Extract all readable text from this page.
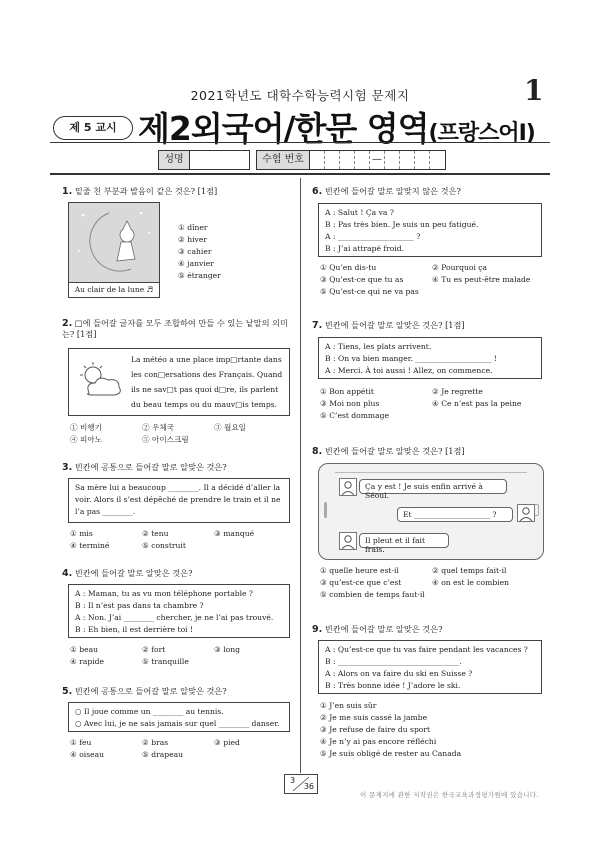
2021학년도 대학수학능력시험 문제지	1
제 5 교시 제2외국어/한문 영역(프랑스어Ⅰ)
성명	수험 번호	—
1. 밑줄 친 부분과 발음이 같은 것은? [1점]
Au clair de la lune ♬
① dîner
② hiver
③ cahier
④ janvier
⑤ étranger
2. □에 들어갈 글자를 모두 조합하여 만들 수 있는 낱말의 의미는? [1점]
La météo a une place imp□rtante dans
les con□ersations des Français. Quand
ils ne sav□t pas quoi d□re, ils parlent
du beau temps ou du mauv□is temps.
① 비행기	② 우체국	③ 월요일
④ 피아노	⑤ 아이스크림
3. 빈칸에 공통으로 들어갈 말로 알맞은 것은?
Sa mère lui a beaucoup ________. Il a décidé d’aller la
voir. Alors il s’est dépêché de prendre le train et il ne
l’a pas ________.
① mis	② tenu	③ manqué
④ terminé	⑤ construit
4. 빈칸에 들어갈 말로 알맞은 것은?
A : Maman, tu as vu mon téléphone portable ?
B : Il n’est pas dans ta chambre ?
A : Non. J’ai ________ chercher, je ne l’ai pas trouvé.
B : Eh bien, il est derrière toi !
① beau	② fort	③ long
④ rapide	⑤ tranquille
5. 빈칸에 공통으로 들어갈 말로 알맞은 것은?
○ Il joue comme un ________ au tennis.
○ Avec lui, je ne sais jamais sur quel ________ danser.
① feu	② bras	③ pied
④ oiseau	⑤ drapeau
6. 빈칸에 들어갈 말로 알맞지 않은 것은?
A : Salut ! Ça va ?
B : Pas très bien. Je suis un peu fatigué.
A : ____________________ ?
B : J’ai attrapé froid.
① Qu’en dis-tu	② Pourquoi ça
③ Qu’est-ce que tu as	④ Tu es peut-être malade
⑤ Qu’est-ce qui ne va pas
7. 빈칸에 들어갈 말로 알맞은 것은? [1점]
A : Tiens, les plats arrivent.
B : On va bien manger. ____________________ !
A : Merci. À toi aussi ! Allez, on commence.
① Bon appétit	② Je regrette
③ Moi non plus	④ Ce n’est pas la peine
⑤ C’est dommage
8. 빈칸에 들어갈 말로 알맞은 것은? [1점]
Ça y est ! Je suis enfin arrivé à Séoul.
Et ____________________ ?
Il pleut et il fait frais.
① quelle heure est-il	② quel temps fait-il
③ qu’est-ce que c’est	④ on est le combien
⑤ combien de temps faut-il
9. 빈칸에 들어갈 말로 알맞은 것은?
A : Qu’est-ce que tu vas faire pendant les vacances ?
B : ________________________________.
A : Alors on va faire du ski en Suisse ?
B : Très bonne idée ! J’adore le ski.
① J’en suis sûr
② Je me suis cassé la jambe
③ Je refuse de faire du sport
④ Je n’y ai pas encore réfléchi
⑤ Je suis obligé de rester au Canada
3
36
이 문제지에 관한 저작권은 한국교육과정평가원에 있습니다.
